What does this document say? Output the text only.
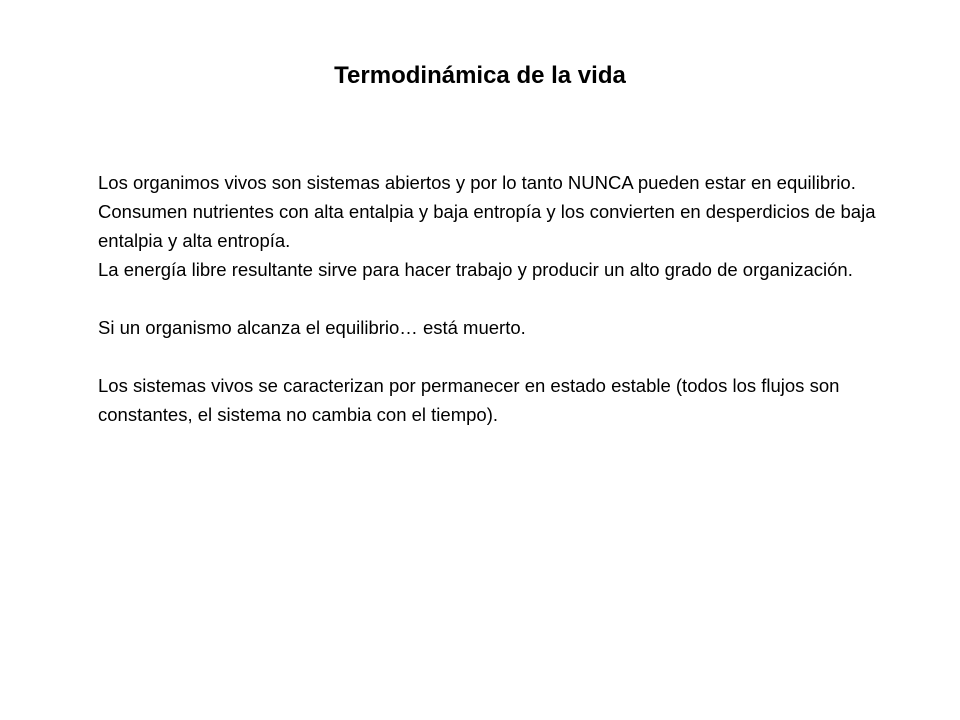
Termodinámica de la vida

Los organimos vivos son sistemas abiertos y por lo tanto NUNCA pueden estar en equilibrio.

Consumen nutrientes con alta entalpia y baja entropía y los convierten en desperdicios de baja entalpia y alta entropía.

La energía libre resultante sirve para hacer trabajo y producir un alto grado de organización.

Si un organismo alcanza el equilibrio… está muerto.

Los sistemas vivos se caracterizan por permanecer en estado estable (todos los flujos son constantes, el sistema no cambia con el tiempo).
